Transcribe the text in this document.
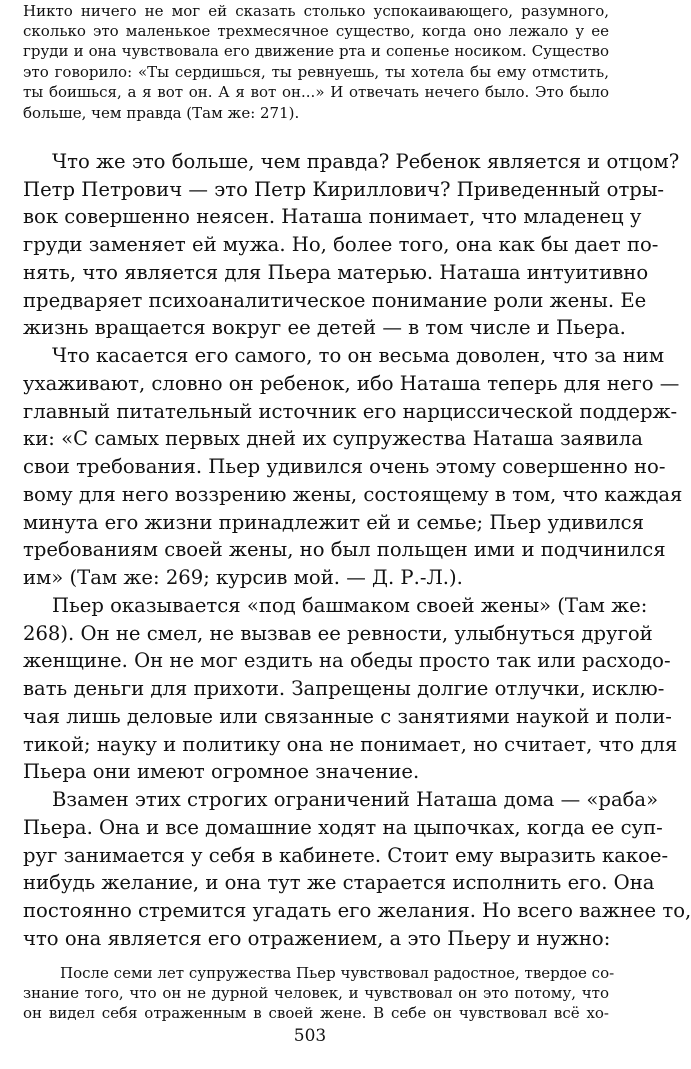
Никто ничего не мог ей сказать столько успокаивающего, разумного,
сколько это маленькое трехмесячное существо, когда оно лежало у ее
груди и она чувствовала его движение рта и сопенье носиком. Существо
это говорило: «Ты сердишься, ты ревнуешь, ты хотела бы ему отмстить,
ты боишься, а я вот он. А я вот он...» И отвечать нечего было. Это было
больше, чем правда (Там же: 271).
Что же это больше, чем правда? Ребенок является и отцом?
Петр Петрович — это Петр Кириллович? Приведенный отры-
вок совершенно неясен. Наташа понимает, что младенец у
груди заменяет ей мужа. Но, более того, она как бы дает по-
нять, что является для Пьера матерью. Наташа интуитивно
предваряет психоаналитическое понимание роли жены. Ее
жизнь вращается вокруг ее детей — в том числе и Пьера.
Что касается его самого, то он весьма доволен, что за ним
ухаживают, словно он ребенок, ибо Наташа теперь для него —
главный питательный источник его нарциссической поддерж-
ки: «С самых первых дней их супружества Наташа заявила
свои требования. Пьер удивился очень этому совершенно но-
вому для него воззрению жены, состоящему в том, что каждая
минута его жизни принадлежит ей и семье; Пьер удивился
требованиям своей жены, но был польщен ими и подчинился
им» (Там же: 269; курсив мой. — Д. Р.-Л.).
Пьер оказывается «под башмаком своей жены» (Там же:
268). Он не смел, не вызвав ее ревности, улыбнуться другой
женщине. Он не мог ездить на обеды просто так или расходо-
вать деньги для прихоти. Запрещены долгие отлучки, исклю-
чая лишь деловые или связанные с занятиями наукой и поли-
тикой; науку и политику она не понимает, но считает, что для
Пьера они имеют огромное значение.
Взамен этих строгих ограничений Наташа дома — «раба»
Пьера. Она и все домашние ходят на цыпочках, когда ее суп-
руг занимается у себя в кабинете. Стоит ему выразить какое-
нибудь желание, и она тут же старается исполнить его. Она
постоянно стремится угадать его желания. Но всего важнее то,
что она является его отражением, а это Пьеру и нужно:
После семи лет супружества Пьер чувствовал радостное, твердое со-
знание того, что он не дурной человек, и чувствовал он это потому, что
он видел себя отраженным в своей жене. В себе он чувствовал всё хо-
503
